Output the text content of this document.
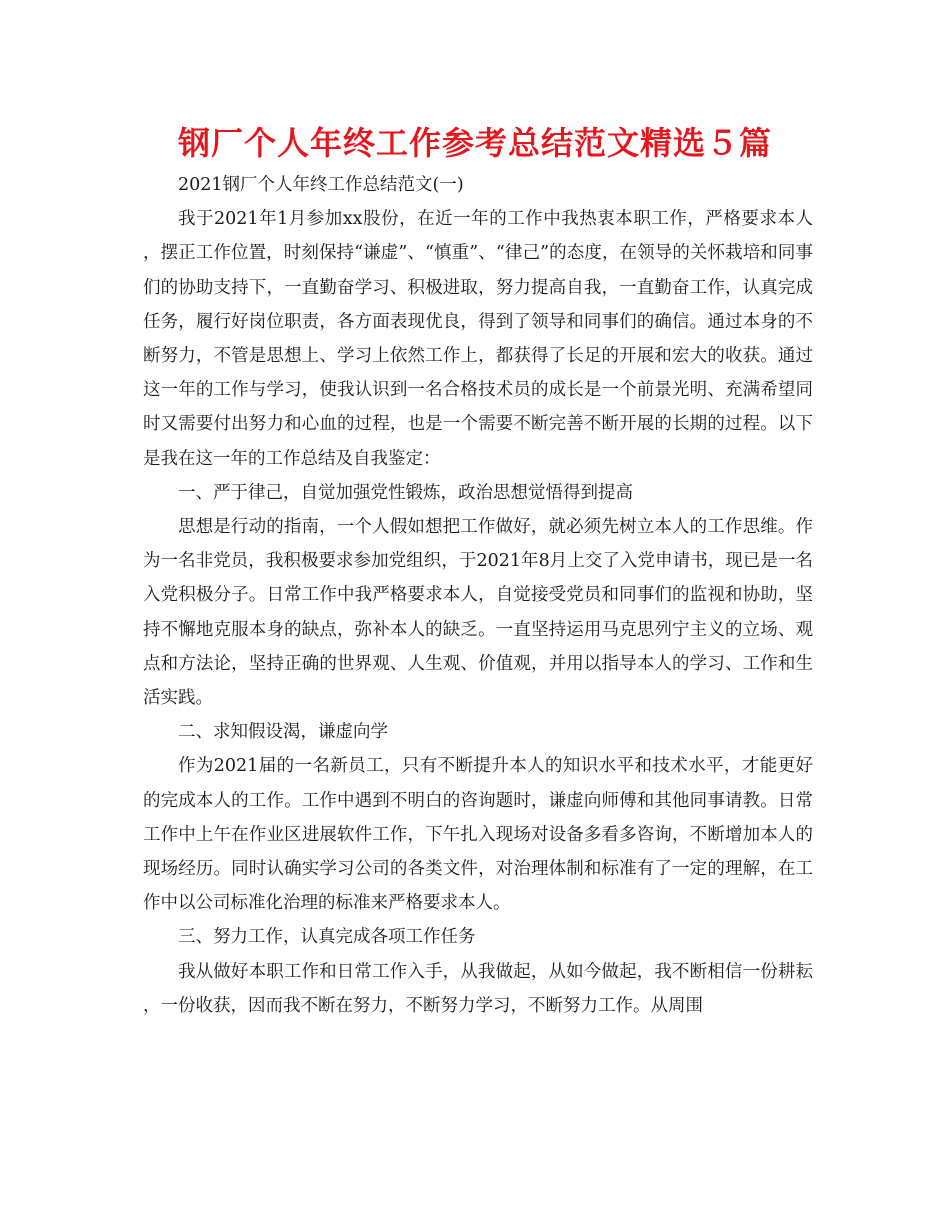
钢厂个人年终工作参考总结范文精选５篇

2021钢厂个人年终工作总结范文(一)

我于2021年1月参加xx股份，在近一年的工作中我热衷本职工作，严格要求本人，摆正工作位置，时刻保持“谦虚”、“慎重”、“律己”的态度，在领导的关怀栽培和同事们的协助支持下，一直勤奋学习、积极进取，努力提高自我，一直勤奋工作，认真完成任务，履行好岗位职责，各方面表现优良，得到了领导和同事们的确信。通过本身的不断努力，不管是思想上、学习上依然工作上，都获得了长足的开展和宏大的收获。通过这一年的工作与学习，使我认识到一名合格技术员的成长是一个前景光明、充满希望同时又需要付出努力和心血的过程，也是一个需要不断完善不断开展的长期的过程。以下是我在这一年的工作总结及自我鉴定：

一、严于律己，自觉加强党性锻炼，政治思想觉悟得到提高

思想是行动的指南，一个人假如想把工作做好，就必须先树立本人的工作思维。作为一名非党员，我积极要求参加党组织，于2021年8月上交了入党申请书，现已是一名入党积极分子。日常工作中我严格要求本人，自觉接受党员和同事们的监视和协助，坚持不懈地克服本身的缺点，弥补本人的缺乏。一直坚持运用马克思列宁主义的立场、观点和方法论，坚持正确的世界观、人生观、价值观，并用以指导本人的学习、工作和生活实践。

二、求知假设渴，谦虚向学

作为2021届的一名新员工，只有不断提升本人的知识水平和技术水平，才能更好的完成本人的工作。工作中遇到不明白的咨询题时，谦虚向师傅和其他同事请教。日常工作中上午在作业区进展软件工作，下午扎入现场对设备多看多咨询，不断增加本人的现场经历。同时认确实学习公司的各类文件，对治理体制和标准有了一定的理解，在工作中以公司标准化治理的标准来严格要求本人。

三、努力工作，认真完成各项工作任务

我从做好本职工作和日常工作入手，从我做起，从如今做起，我不断相信一份耕耘，一份收获，因而我不断在努力，不断努力学习，不断努力工作。从周围
